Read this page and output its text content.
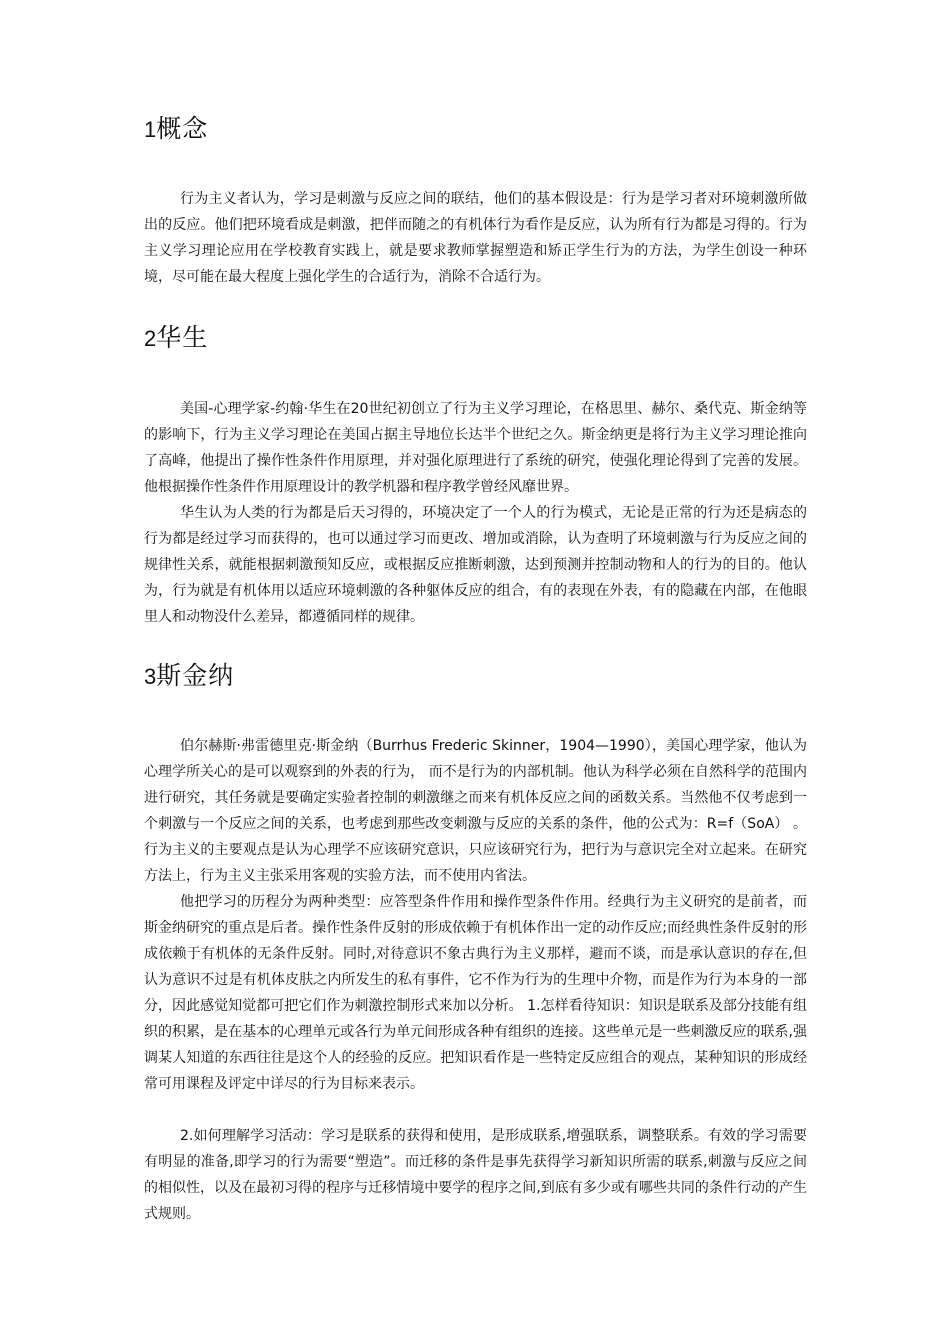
1概念

行为主义者认为，学习是刺激与反应之间的联结，他们的基本假设是：行为是学习者对环境刺激所做出的反应。他们把环境看成是刺激，把伴而随之的有机体行为看作是反应，认为所有行为都是习得的。行为主义学习理论应用在学校教育实践上，就是要求教师掌握塑造和矫正学生行为的方法，为学生创设一种环境，尽可能在最大程度上强化学生的合适行为，消除不合适行为。

2华生

美国-心理学家-约翰·华生在20世纪初创立了行为主义学习理论，在格思里、赫尔、桑代克、斯金纳等的影响下，行为主义学习理论在美国占据主导地位长达半个世纪之久。斯金纳更是将行为主义学习理论推向了高峰，他提出了操作性条件作用原理，并对强化原理进行了系统的研究，使强化理论得到了完善的发展。他根据操作性条件作用原理设计的教学机器和程序教学曾经风靡世界。

华生认为人类的行为都是后天习得的，环境决定了一个人的行为模式，无论是正常的行为还是病态的行为都是经过学习而获得的，也可以通过学习而更改、增加或消除，认为查明了环境刺激与行为反应之间的规律性关系，就能根据刺激预知反应，或根据反应推断刺激，达到预测并控制动物和人的行为的目的。他认为，行为就是有机体用以适应环境刺激的各种躯体反应的组合，有的表现在外表，有的隐藏在内部，在他眼里人和动物没什么差异，都遵循同样的规律。

3斯金纳

伯尔赫斯·弗雷德里克·斯金纳（Burrhus Frederic Skinner，1904—1990），美国心理学家，他认为心理学所关心的是可以观察到的外表的行为， 而不是行为的内部机制。他认为科学必须在自然科学的范围内进行研究，其任务就是要确定实验者控制的刺激继之而来有机体反应之间的函数关系。当然他不仅考虑到一个刺激与一个反应之间的关系，也考虑到那些改变刺激与反应的关系的条件，他的公式为：R=f（SoA） 。行为主义的主要观点是认为心理学不应该研究意识，只应该研究行为，把行为与意识完全对立起来。在研究方法上，行为主义主张采用客观的实验方法，而不使用内省法。

他把学习的历程分为两种类型：应答型条件作用和操作型条件作用。经典行为主义研究的是前者，而斯金纳研究的重点是后者。操作性条件反射的形成依赖于有机体作出一定的动作反应;而经典性条件反射的形成依赖于有机体的无条件反射。同时,对待意识不象古典行为主义那样，避而不谈，而是承认意识的存在,但认为意识不过是有机体皮肤之内所发生的私有事件，它不作为行为的生理中介物，而是作为行为本身的一部分，因此感觉知觉都可把它们作为刺激控制形式来加以分析。 1.怎样看待知识：知识是联系及部分技能有组织的积累，是在基本的心理单元或各行为单元间形成各种有组织的连接。这些单元是一些刺激反应的联系,强调某人知道的东西往往是这个人的经验的反应。把知识看作是一些特定反应组合的观点，某种知识的形成经常可用课程及评定中详尽的行为目标来表示。

2.如何理解学习活动：学习是联系的获得和使用，是形成联系,增强联系，调整联系。有效的学习需要有明显的准备,即学习的行为需要“塑造”。而迁移的条件是事先获得学习新知识所需的联系,刺激与反应之间的相似性，以及在最初习得的程序与迁移情境中要学的程序之间,到底有多少或有哪些共同的条件行动的产生式规则。
